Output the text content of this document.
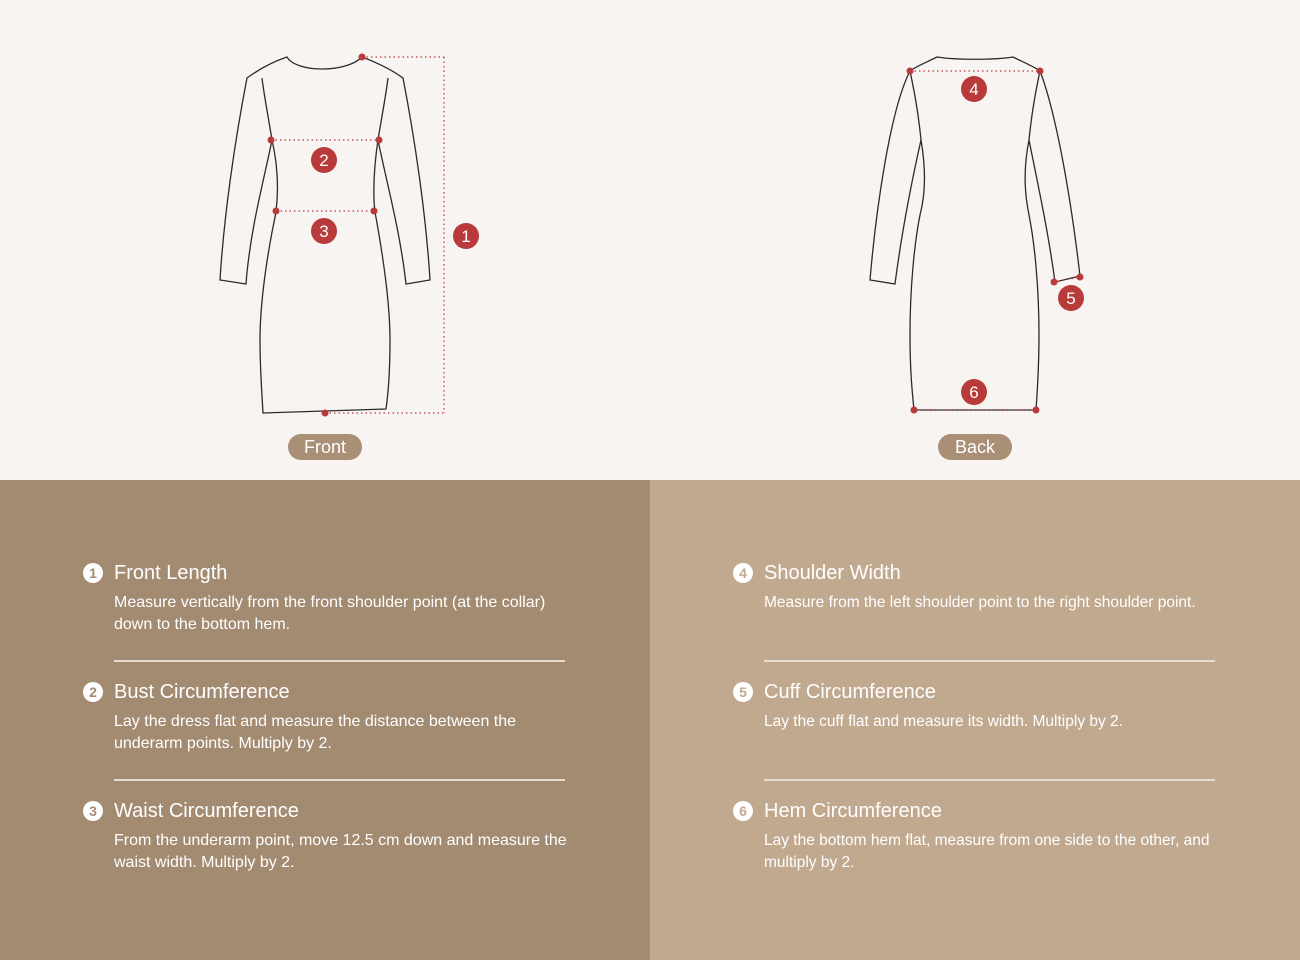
1
2
3
4
5
6
Front	Back
1 Front Length
Measure vertically from the front shoulder point (at the collar) down to the bottom hem.
2 Bust Circumference
Lay the dress flat and measure the distance between the underarm points. Multiply by 2.
3 Waist Circumference
From the underarm point, move 12.5 cm down and measure the waist width. Multiply by 2.
4 Shoulder Width
Measure from the left shoulder point to the right shoulder point.
5 Cuff Circumference
Lay the cuff flat and measure its width. Multiply by 2.
6 Hem Circumference
Lay the bottom hem flat, measure from one side to the other, and multiply by 2.
